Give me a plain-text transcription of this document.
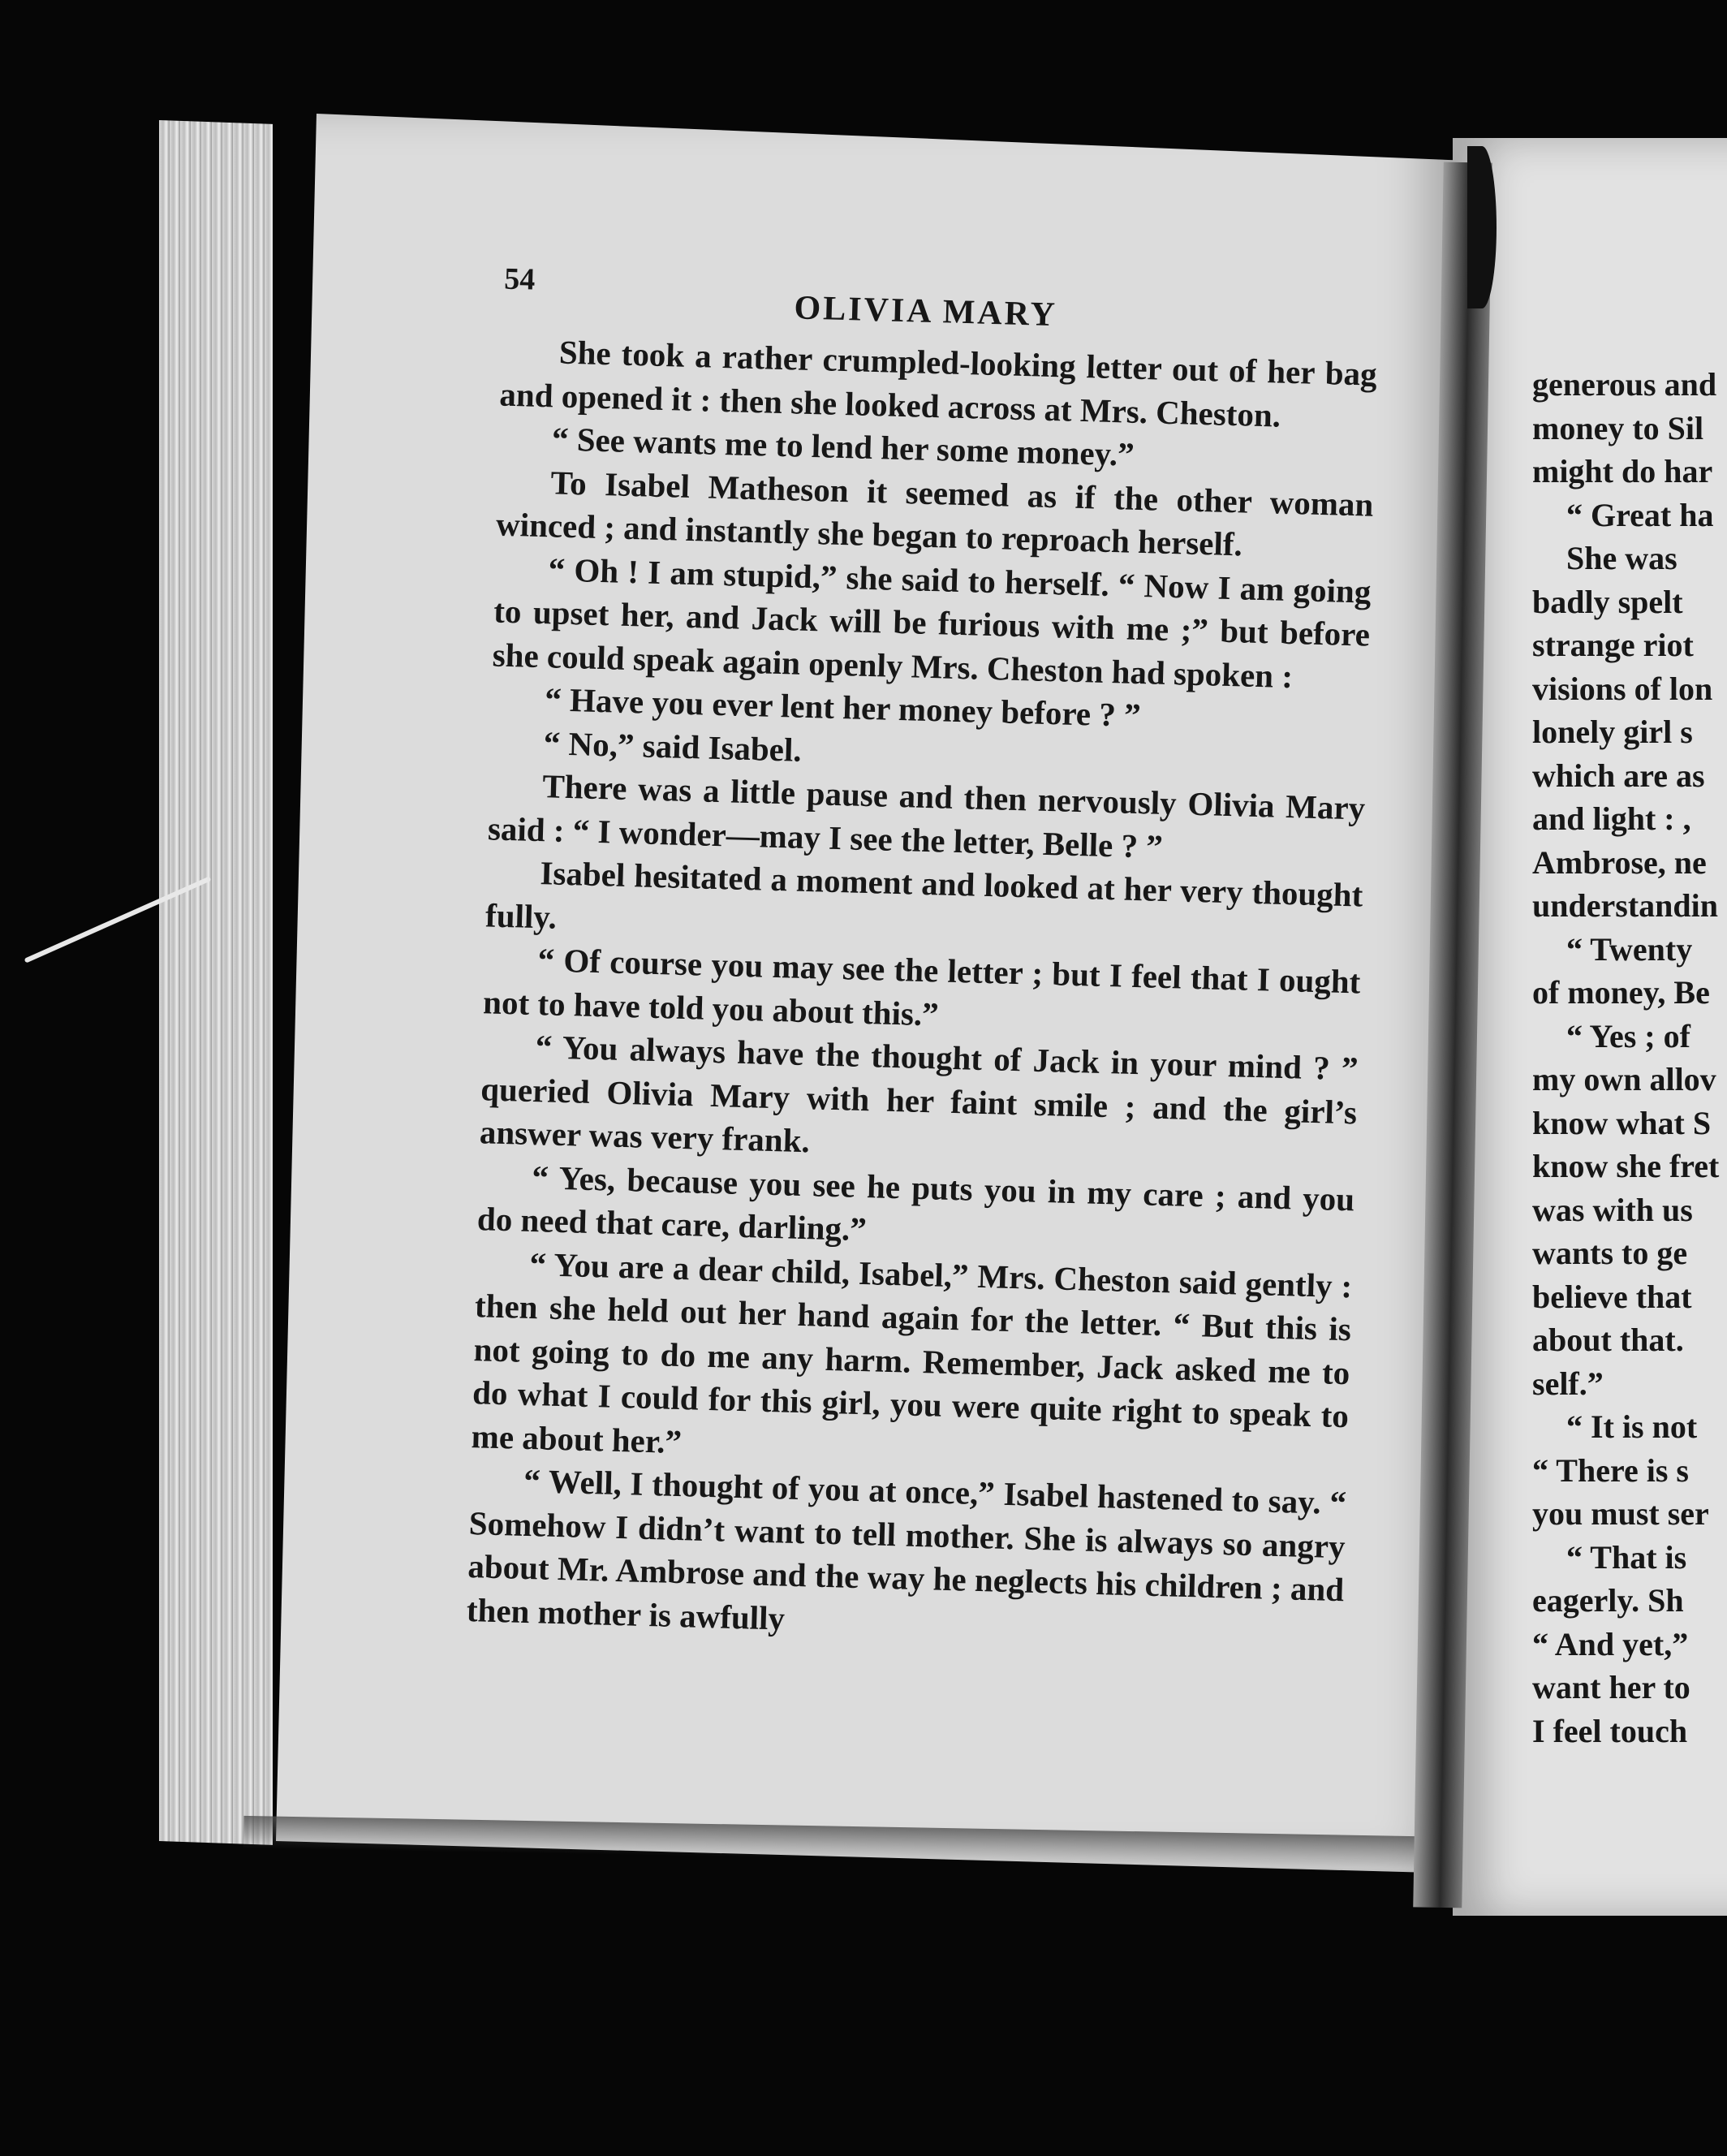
54
OLIVIA MARY

She took a rather crumpled-looking letter out of her bag and opened it : then she looked across at Mrs. Cheston.

“ See wants me to lend her some money.”

To Isabel Matheson it seemed as if the other woman winced ; and instantly she began to reproach herself.

“ Oh ! I am stupid,” she said to herself. “ Now I am going to upset her, and Jack will be furious with me ;” but before she could speak again openly Mrs. Cheston had spoken :

“ Have you ever lent her money before ? ”

“ No,” said Isabel.

There was a little pause and then nervously Olivia Mary said : “ I wonder—may I see the letter, Belle ? ”

Isabel hesitated a moment and looked at her very thought fully.

“ Of course you may see the letter ; but I feel that I ought not to have told you about this.”

“ You always have the thought of Jack in your mind ? ” queried Olivia Mary with her faint smile ; and the girl’s answer was very frank.

“ Yes, because you see he puts you in my care ; and you do need that care, darling.”

“ You are a dear child, Isabel,” Mrs. Cheston said gently : then she held out her hand again for the letter. “ But this is not going to do me any harm. Remember, Jack asked me to do what I could for this girl, you were quite right to speak to me about her.”

“ Well, I thought of you at once,” Isabel hastened to say. “ Somehow I didn’t want to tell mother. She is always so angry about Mr. Ambrose and the way he neglects his children ; and then mother is awfully

generous and

money to Sil

might do har

“ Great ha

She was

badly spelt

strange riot

visions of lon

lonely girl s

which are as

and light : ,

Ambrose, ne

understandin

“ Twenty

of money, Be

“ Yes ; of

my own allov

know what S

know she fret

was with us

wants to ge

believe that

about that.

self.”

“ It is not

“ There is s

you must ser

“ That is

eagerly. Sh

“ And yet,”

want her to

I feel touch
